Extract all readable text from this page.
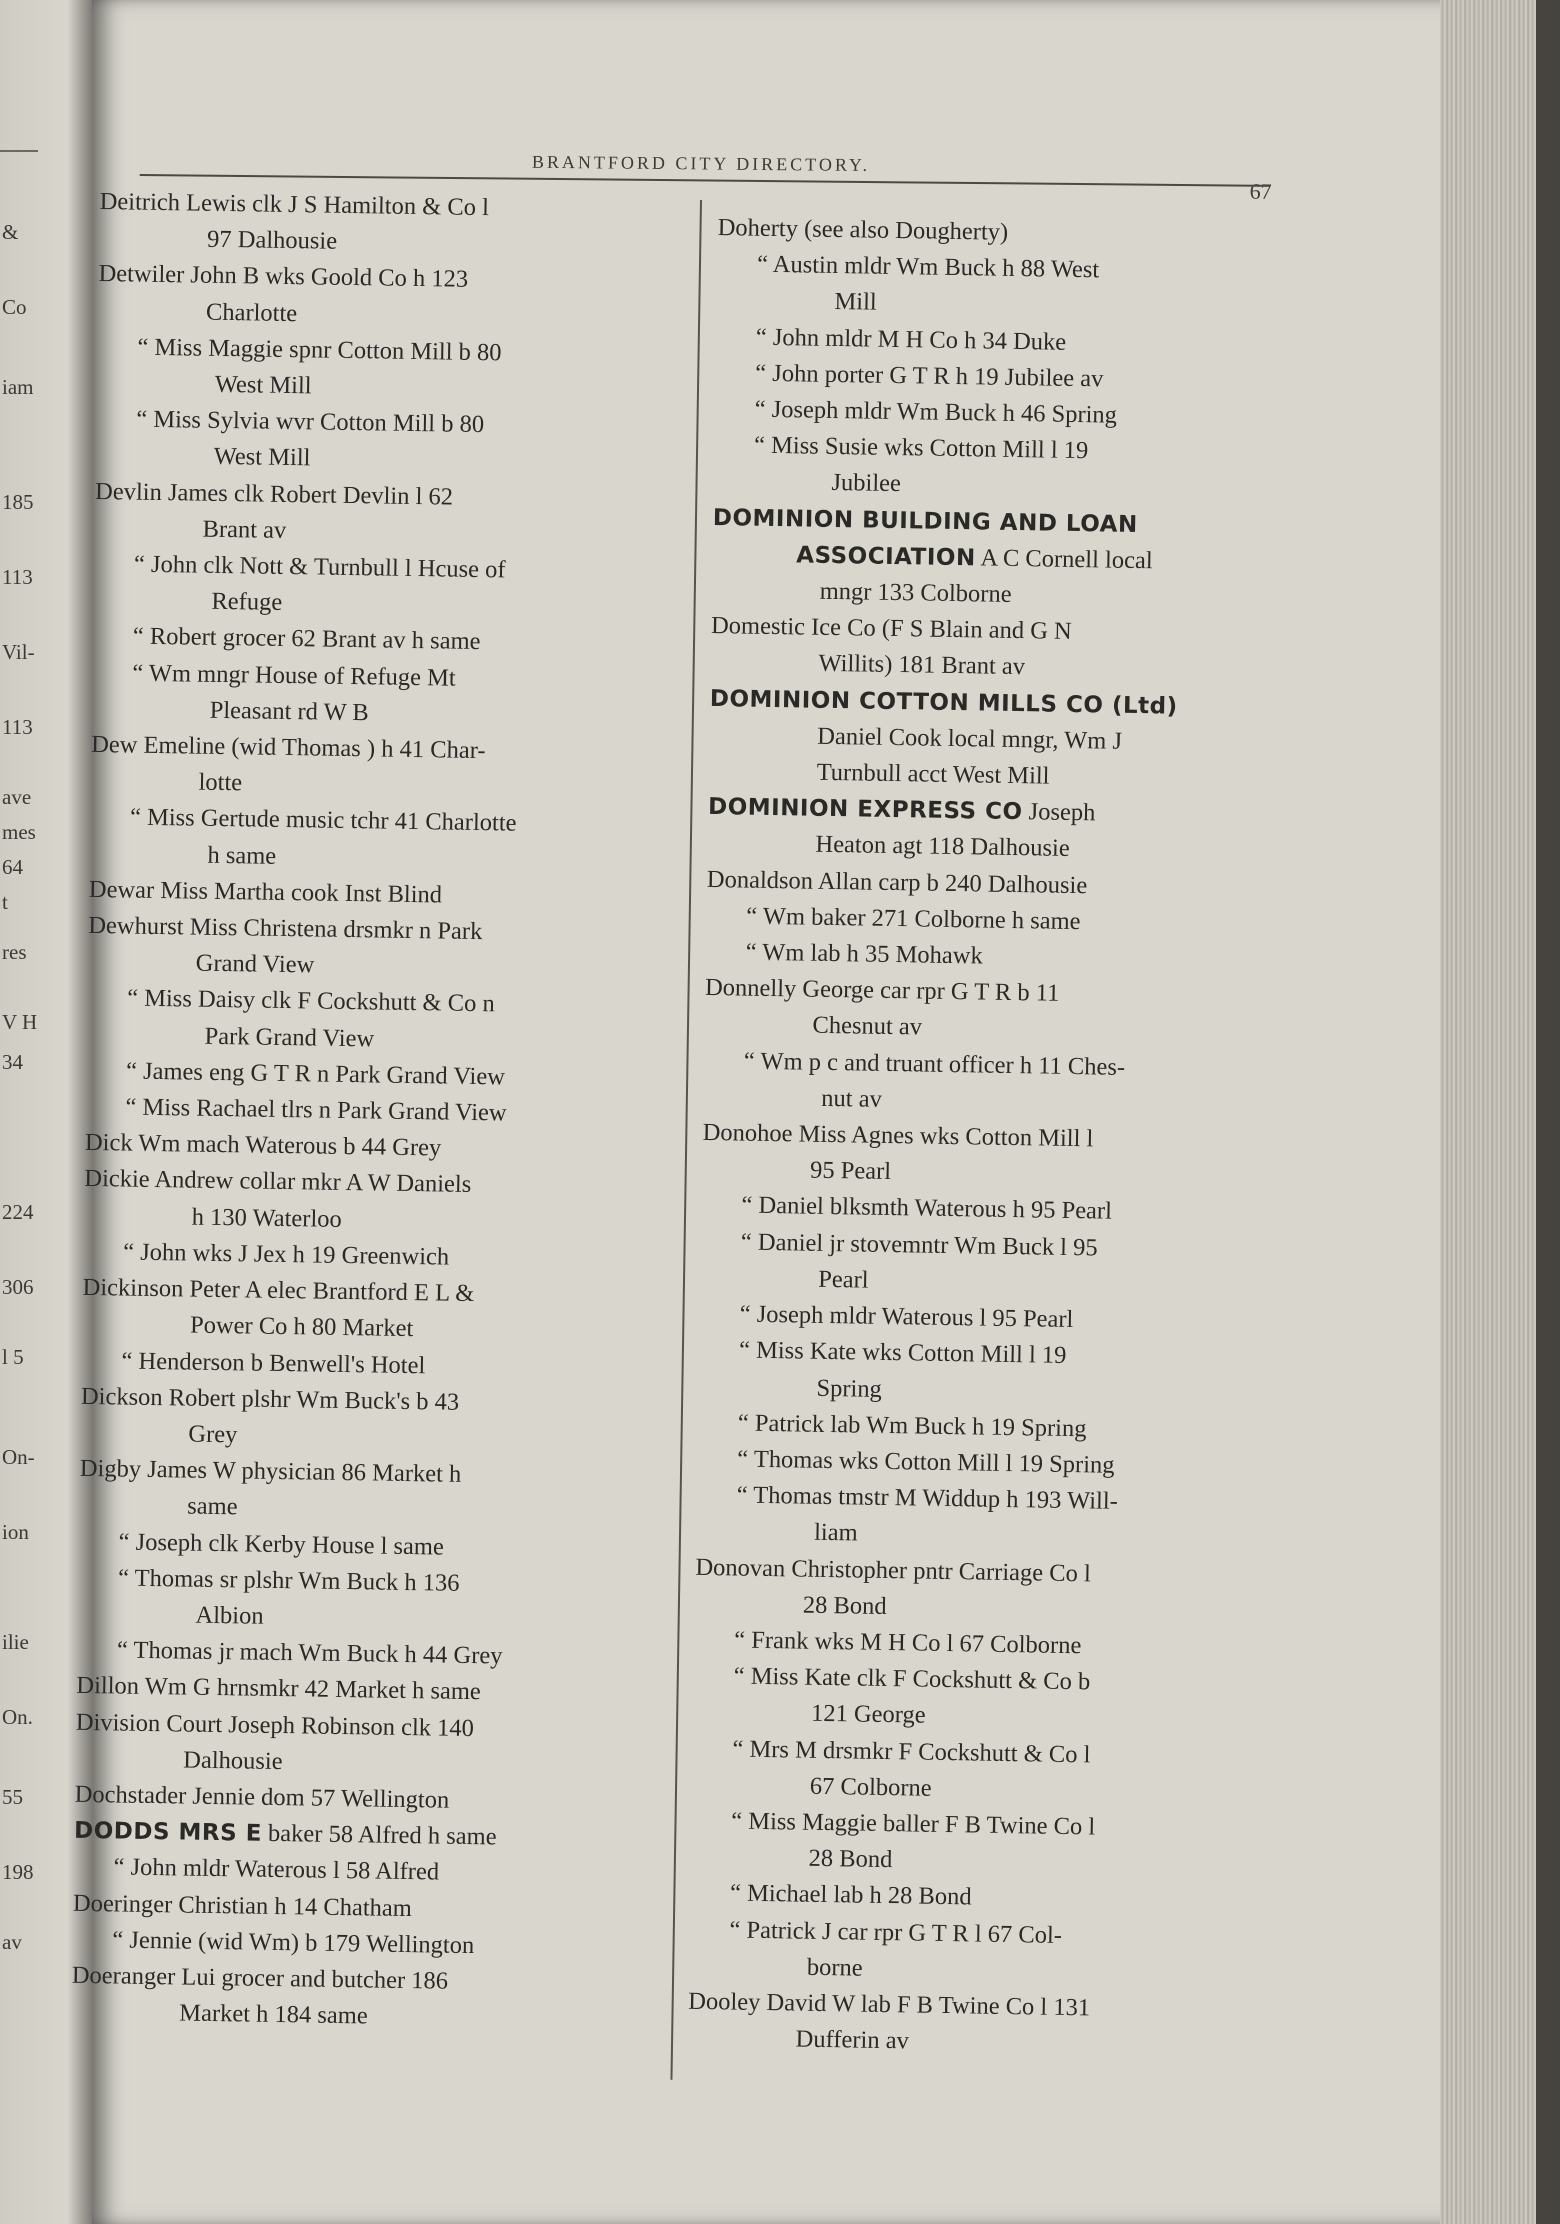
&
Co
iam
185
113
Vil-
113
ave
mes
64
t
res
V H
34
224
306
l 5
On-
ion
ilie
On.
55
198
av
BRANTFORD CITY DIRECTORY.
67
Deitrich Lewis clk J S Hamilton & Co l
97 Dalhousie
Detwiler John B wks Goold Co h 123
Charlotte
“ Miss Maggie spnr Cotton Mill b 80
West Mill
“ Miss Sylvia wvr Cotton Mill b 80
West Mill
Devlin James clk Robert Devlin l 62
Brant av
“ John clk Nott & Turnbull l Hcuse of
Refuge
“ Robert grocer 62 Brant av h same
“ Wm mngr House of Refuge Mt
Pleasant rd W B
Dew Emeline (wid Thomas ) h 41 Char-
lotte
“ Miss Gertude music tchr 41 Charlotte
h same
Dewar Miss Martha cook Inst Blind
Dewhurst Miss Christena drsmkr n Park
Grand View
“ Miss Daisy clk F Cockshutt & Co n
Park Grand View
“ James eng G T R n Park Grand View
“ Miss Rachael tlrs n Park Grand View
Dick Wm mach Waterous b 44 Grey
Dickie Andrew collar mkr A W Daniels
h 130 Waterloo
“ John wks J Jex h 19 Greenwich
Dickinson Peter A elec Brantford E L &
Power Co h 80 Market
“ Henderson b Benwell's Hotel
Dickson Robert plshr Wm Buck's b 43
Grey
Digby James W physician 86 Market h
same
“ Joseph clk Kerby House l same
“ Thomas sr plshr Wm Buck h 136
Albion
“ Thomas jr mach Wm Buck h 44 Grey
Dillon Wm G hrnsmkr 42 Market h same
Division Court Joseph Robinson clk 140
Dalhousie
Dochstader Jennie dom 57 Wellington
DODDS MRS E baker 58 Alfred h same
“ John mldr Waterous l 58 Alfred
Doeringer Christian h 14 Chatham
“ Jennie (wid Wm) b 179 Wellington
Doeranger Lui grocer and butcher 186
Market h 184 same
Doherty (see also Dougherty)
“ Austin mldr Wm Buck h 88 West
Mill
“ John mldr M H Co h 34 Duke
“ John porter G T R h 19 Jubilee av
“ Joseph mldr Wm Buck h 46 Spring
“ Miss Susie wks Cotton Mill l 19
Jubilee
DOMINION BUILDING AND LOAN
ASSOCIATION A C Cornell local
mngr 133 Colborne
Domestic Ice Co (F S Blain and G N
Willits) 181 Brant av
DOMINION COTTON MILLS CO (Ltd)
Daniel Cook local mngr, Wm J
Turnbull acct West Mill
DOMINION EXPRESS CO Joseph
Heaton agt 118 Dalhousie
Donaldson Allan carp b 240 Dalhousie
“ Wm baker 271 Colborne h same
“ Wm lab h 35 Mohawk
Donnelly George car rpr G T R b 11
Chesnut av
“ Wm p c and truant officer h 11 Ches-
nut av
Donohoe Miss Agnes wks Cotton Mill l
95 Pearl
“ Daniel blksmth Waterous h 95 Pearl
“ Daniel jr stovemntr Wm Buck l 95
Pearl
“ Joseph mldr Waterous l 95 Pearl
“ Miss Kate wks Cotton Mill l 19
Spring
“ Patrick lab Wm Buck h 19 Spring
“ Thomas wks Cotton Mill l 19 Spring
“ Thomas tmstr M Widdup h 193 Will-
liam
Donovan Christopher pntr Carriage Co l
28 Bond
“ Frank wks M H Co l 67 Colborne
“ Miss Kate clk F Cockshutt & Co b
121 George
“ Mrs M drsmkr F Cockshutt & Co l
67 Colborne
“ Miss Maggie baller F B Twine Co l
28 Bond
“ Michael lab h 28 Bond
“ Patrick J car rpr G T R l 67 Col-
borne
Dooley David W lab F B Twine Co l 131
Dufferin av
